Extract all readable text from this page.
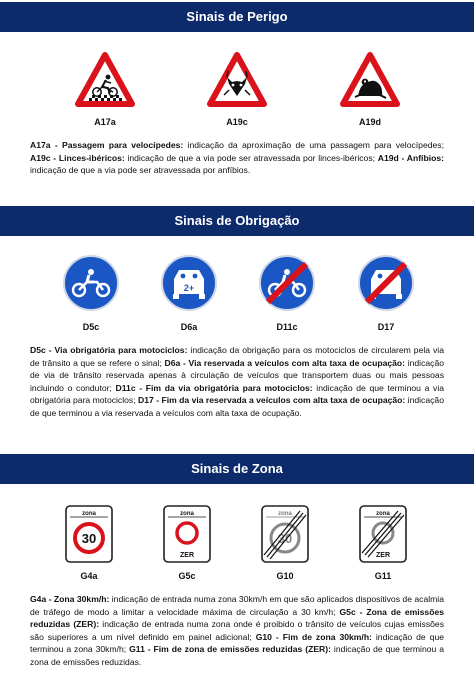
Sinais de Perigo
A17a	A19c	A19d
A17a - Passagem para velocípedes: indicação da aproximação de uma passagem para velocípedes; A19c - Linces-ibéricos: indicação de que a via pode ser atravessada por linces-ibéricos; A19d - Anfíbios: indicação de que a via pode ser atravessada por anfíbios.
Sinais de Obrigação
D5c
2+
D6a	D11c	D17
D5c - Via obrigatória para motociclos: indicação da obrigação para os motociclos de circularem pela via de trânsito a que se refere o sinal; D6a - Via reservada a veículos com alta taxa de ocupação: indicação de via de trânsito reservada apenas à circulação de veículos que transportem duas ou mais pessoas incluindo o condutor; D11c - Fim da via obrigatória para motociclos: indicação de que terminou a via obrigatória para motociclos; D17 - Fim da via reservada a veículos com alta taxa de ocupação: indicação de que terminou a via reservada a veículos com alta taxa de ocupação.
Sinais de Zona
zona
30
G4a
zona
ZER
G5c
zona
30
G10
zona
ZER
G11
G4a - Zona 30km/h: indicação de entrada numa zona 30km/h em que são aplicados dispositivos de acalmia de tráfego de modo a limitar a velocidade máxima de circulação a 30 km/h; G5c - Zona de emissões reduzidas (ZER): indicação de entrada numa zona onde é proibido o trânsito de veículos cujas emissões são superiores a um nível definido em painel adicional; G10 - Fim de zona 30km/h: indicação de que terminou a zona 30km/h; G11 - Fim de zona de emissões reduzidas (ZER): indicação de que terminou a zona de emissões reduzidas.
